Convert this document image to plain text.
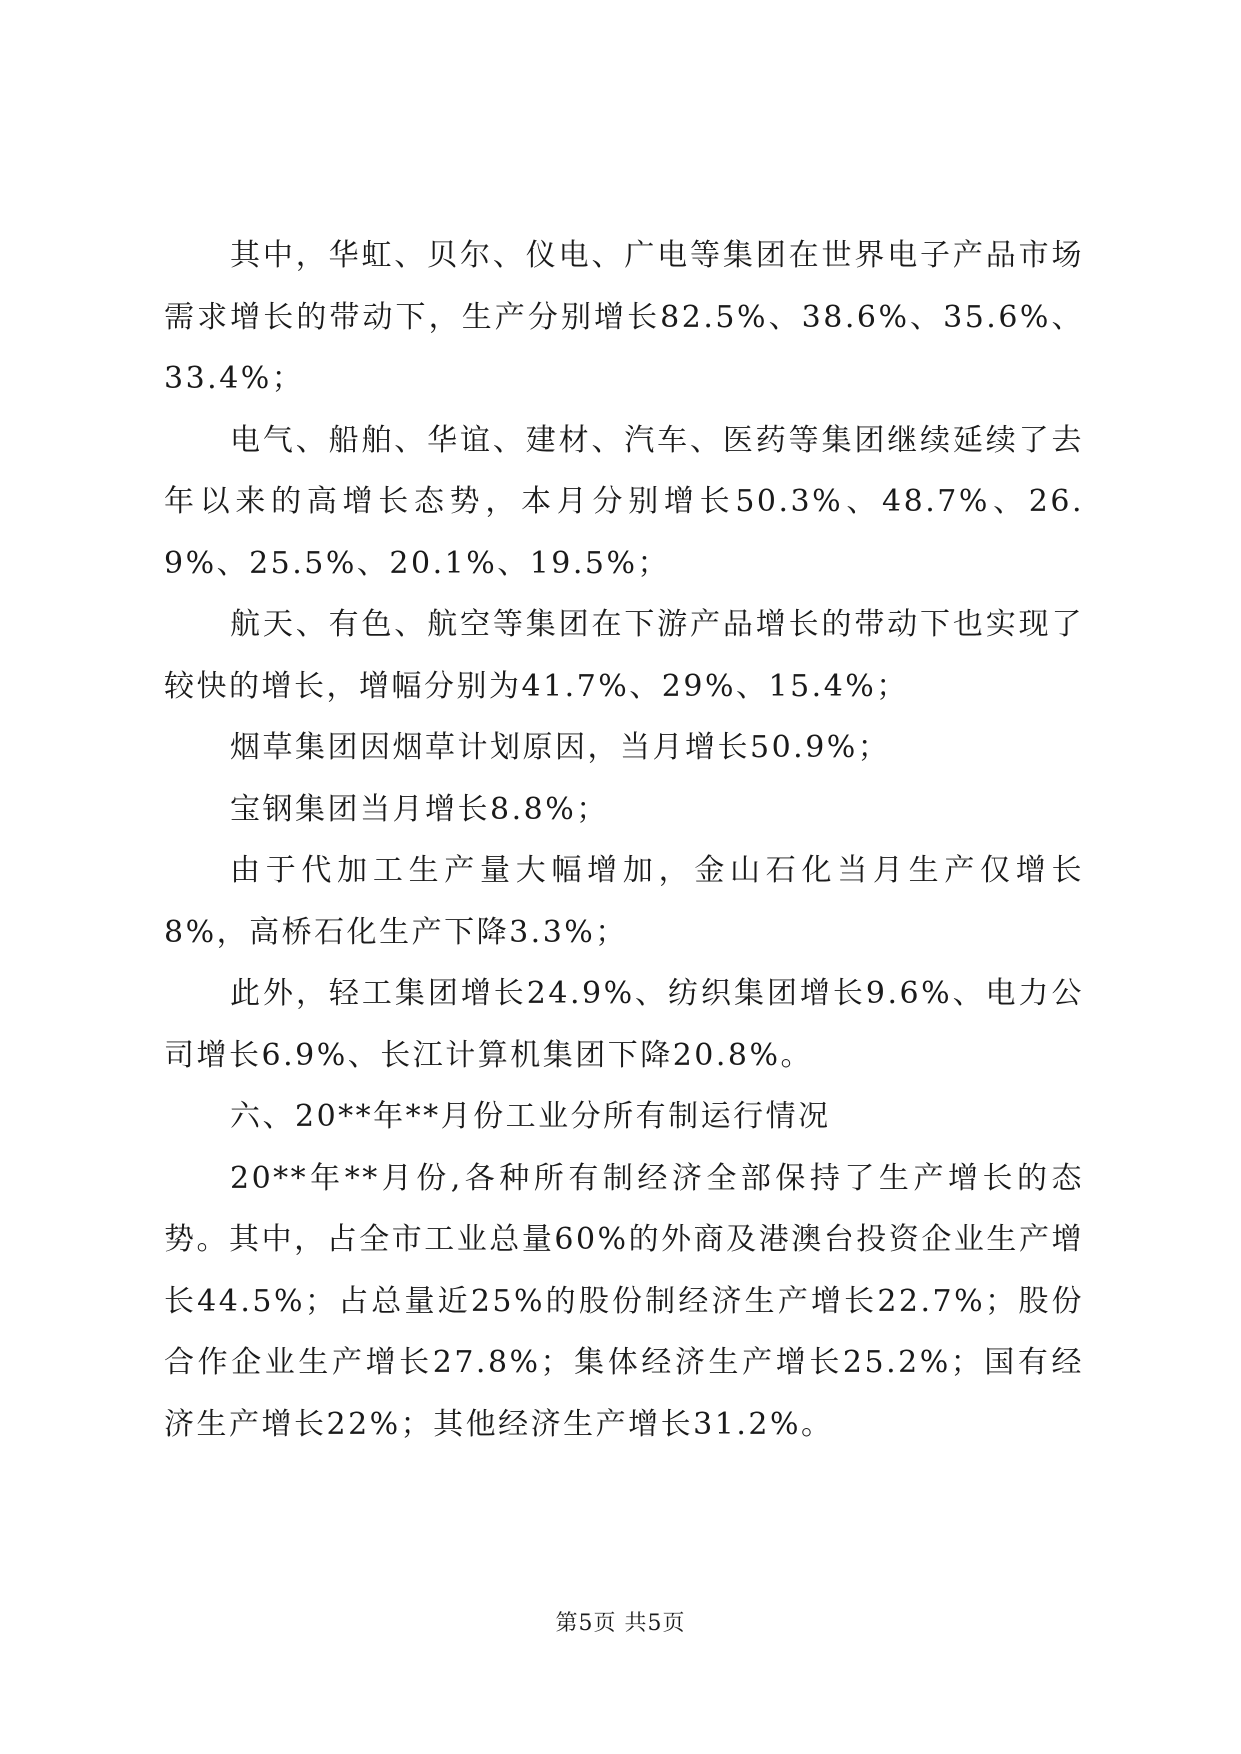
其中，华虹、贝尔、仪电、广电等集团在世界电子产品市场需求增长的带动下，生产分别增长82.5%、38.6%、35.6%、33.4%；

电气、船舶、华谊、建材、汽车、医药等集团继续延续了去年以来的高增长态势，本月分别增长50.3%、48.7%、26.9%、25.5%、20.1%、19.5%；

航天、有色、航空等集团在下游产品增长的带动下也实现了较快的增长，增幅分别为41.7%、29%、15.4%；

烟草集团因烟草计划原因，当月增长50.9%；

宝钢集团当月增长8.8%；

由于代加工生产量大幅增加，金山石化当月生产仅增长8%，高桥石化生产下降3.3%；

此外，轻工集团增长24.9%、纺织集团增长9.6%、电力公司增长6.9%、长江计算机集团下降20.8%。

六、20**年**月份工业分所有制运行情况

20**年**月份,各种所有制经济全部保持了生产增长的态势。其中，占全市工业总量60%的外商及港澳台投资企业生产增长44.5%；占总量近25%的股份制经济生产增长22.7%；股份合作企业生产增长27.8%；集体经济生产增长25.2%；国有经济生产增长22%；其他经济生产增长31.2%。

第5页 共5页
